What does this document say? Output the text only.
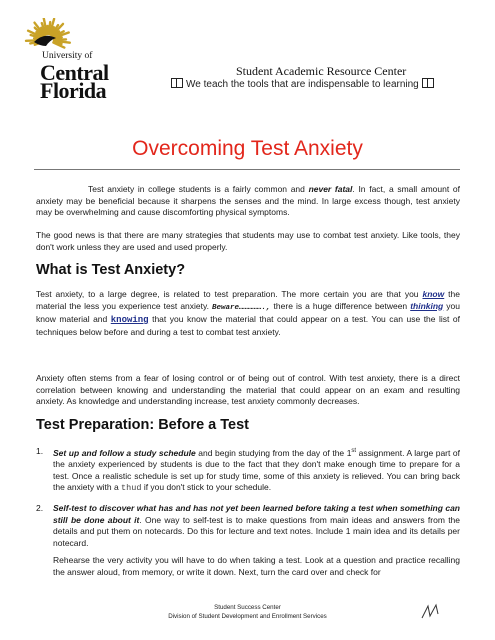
University of
Central
Florida
Student Academic Resource Center
We teach the tools that are indispensable to learning
Overcoming Test Anxiety
Test anxiety in college students is a fairly common and never fatal. In fact, a small amount of anxiety may be beneficial because it sharpens the senses and the mind. In large excess though, test anxiety may be overwhelming and cause discomforting physical symptoms.
The good news is that there are many strategies that students may use to combat test anxiety. Like tools, they don't work unless they are used and used properly.
What is Test Anxiety?
Test anxiety, to a large degree, is related to test preparation. The more certain you are that you know the material the less you experience test anxiety. Beware……………., there is a huge difference between thinking you know material and knowing that you know the material that could appear on a test. You can use the list of techniques below before and during a test to combat test anxiety.
Anxiety often stems from a fear of losing control or of being out of control. With test anxiety, there is a direct correlation between knowing and understanding the material that could appear on an exam and resulting anxiety. As knowledge and understanding increase, test anxiety commonly decreases.
Test Preparation: Before a Test
1. Set up and follow a study schedule and begin studying from the day of the 1st assignment. A large part of the anxiety experienced by students is due to the fact that they don't make enough time to prepare for a test. Once a realistic schedule is set up for study time, some of this anxiety is relieved. You can bring back the anxiety with a thud if you don't stick to your schedule.
2. Self-test to discover what has and has not yet been learned before taking a test when something can still be done about it. One way to self-test is to make questions from main ideas and answers from the details and put them on notecards. Do this for lecture and text notes. Include 1 main idea and its details per notecard.
Rehearse the very activity you will have to do when taking a test. Look at a question and practice recalling the answer aloud, from memory, or write it down. Next, turn the card over and check for
Student Success Center
Division of Student Development and Enrollment Services
